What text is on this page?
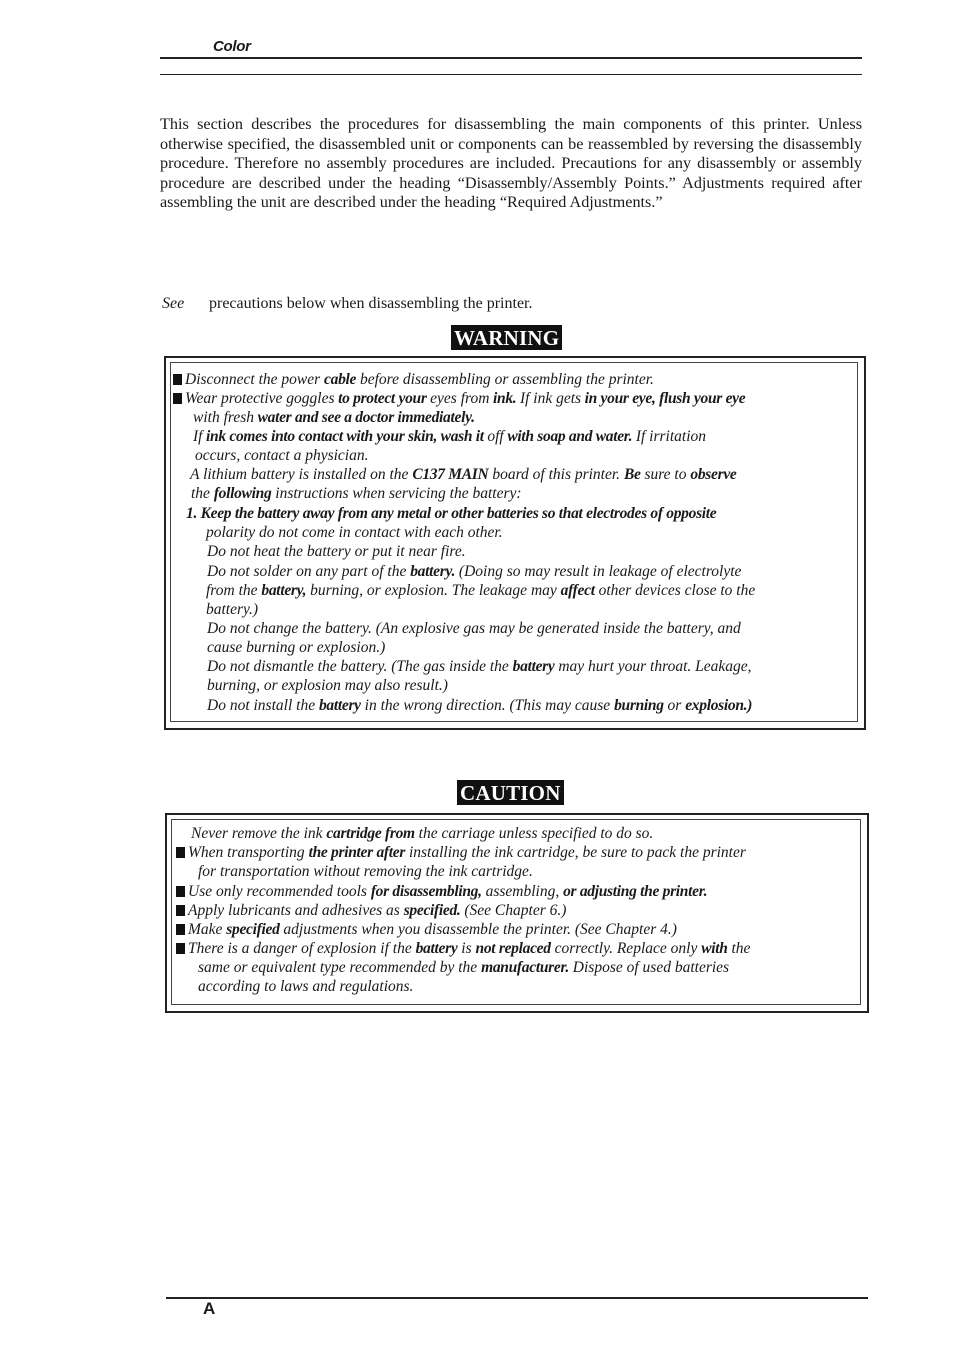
Color
This section describes the procedures for disassembling the main components of this printer. Unless otherwise specified, the disassembled unit or components can be reassembled by reversing the disassembly procedure. Therefore no assembly procedures are included. Precautions for any disassembly or assembly procedure are described under the heading “Disassembly/Assembly Points.” Adjustments required after assembling the unit are described under the heading “Required Adjustments.”
See precautions below when disassembling the printer.
WARNING
Disconnect the power cable before disassembling or assembling the printer.
Wear protective goggles to protect your eyes from ink. If ink gets in your eye, flush your eye
with fresh water and see a doctor immediately.
If ink comes into contact with your skin, wash it off with soap and water. If irritation
occurs, contact a physician.
A lithium battery is installed on the C137 MAIN board of this printer. Be sure to observe
the following instructions when servicing the battery:
1. Keep the battery away from any metal or other batteries so that electrodes of opposite
polarity do not come in contact with each other.
Do not heat the battery or put it near fire.
Do not solder on any part of the battery. (Doing so may result in leakage of electrolyte
from the battery, burning, or explosion. The leakage may affect other devices close to the
battery.)
Do not change the battery. (An explosive gas may be generated inside the battery, and
cause burning or explosion.)
Do not dismantle the battery. (The gas inside the battery may hurt your throat. Leakage,
burning, or explosion may also result.)
Do not install the battery in the wrong direction. (This may cause burning or explosion.)
CAUTION
Never remove the ink cartridge from the carriage unless specified to do so.
When transporting the printer after installing the ink cartridge, be sure to pack the printer
for transportation without removing the ink cartridge.
Use only recommended tools for disassembling, assembling, or adjusting the printer.
Apply lubricants and adhesives as specified. (See Chapter 6.)
Make specified adjustments when you disassemble the printer. (See Chapter 4.)
There is a danger of explosion if the battery is not replaced correctly. Replace only with the
same or equivalent type recommended by the manufacturer. Dispose of used batteries
according to laws and regulations.
A
